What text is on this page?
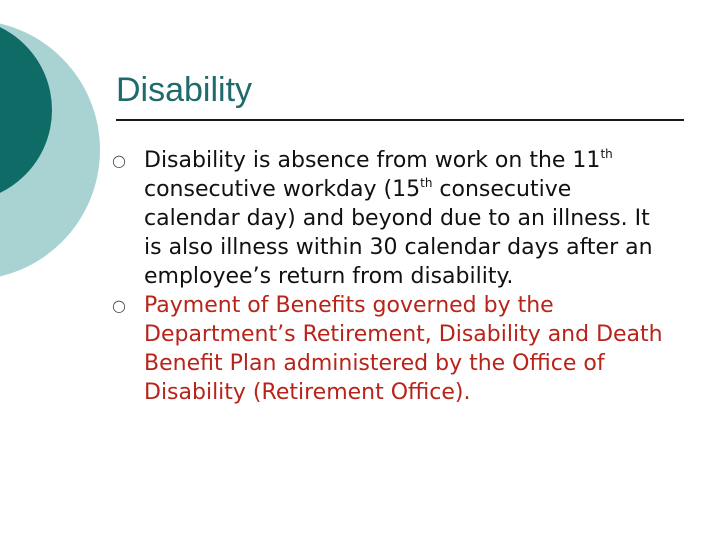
Disability
○ Disability is absence from work on the 11th consecutive workday (15th consecutive calendar day) and beyond due to an illness. It is also illness within 30 calendar days after an employee’s return from disability.
○ Payment of Benefits governed by the Department’s Retirement, Disability and Death Benefit Plan administered by the Office of Disability (Retirement Office).
